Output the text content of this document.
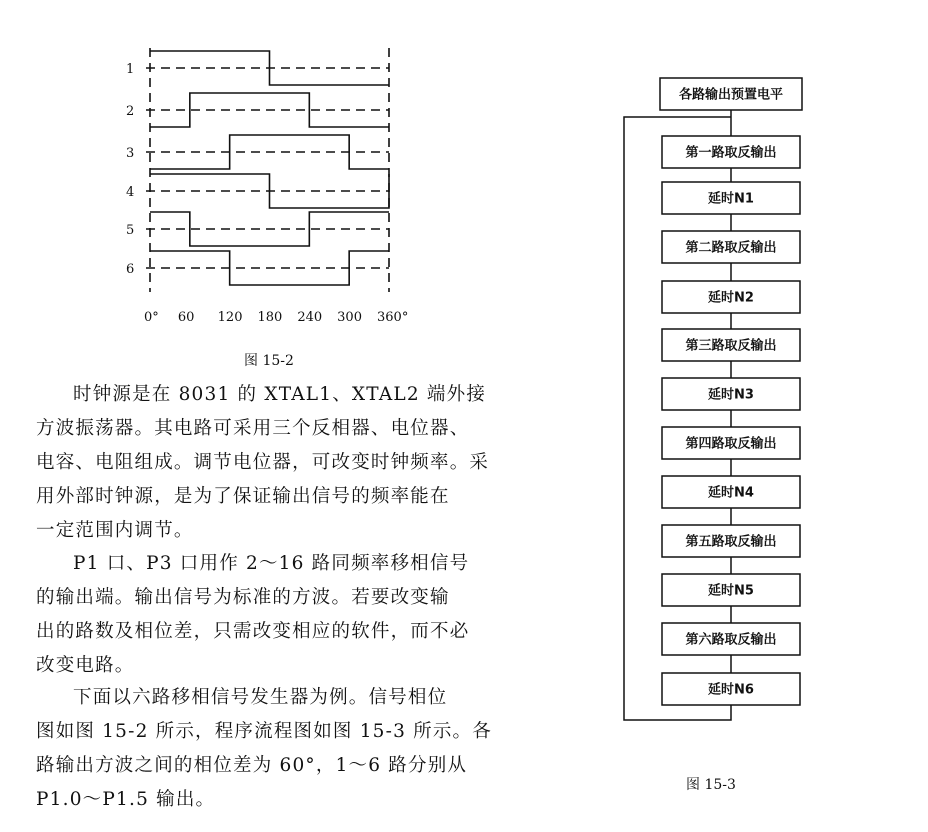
1
2
3
4
5
6
0° 60 120 180 240 300 360°
图 15-2
时钟源是在 8031 的 XTAL1、XTAL2 端外接
方波振荡器。其电路可采用三个反相器、电位器、
电容、电阻组成。调节电位器，可改变时钟频率。采
用外部时钟源，是为了保证输出信号的频率能在
一定范围内调节。
P1 口、P3 口用作 2～16 路同频率移相信号
的输出端。输出信号为标准的方波。若要改变输
出的路数及相位差，只需改变相应的软件，而不必
改变电路。
下面以六路移相信号发生器为例。信号相位
图如图 15-2 所示，程序流程图如图 15-3 所示。各
路输出方波之间的相位差为 60°，1～6 路分别从
P1.0～P1.5 输出。
各路输出预置电平
第一路取反输出
延时N1
第二路取反输出
延时N2
第三路取反输出
延时N3
第四路取反输出
延时N4
第五路取反输出
延时N5
第六路取反输出
延时N6
图 15-3
